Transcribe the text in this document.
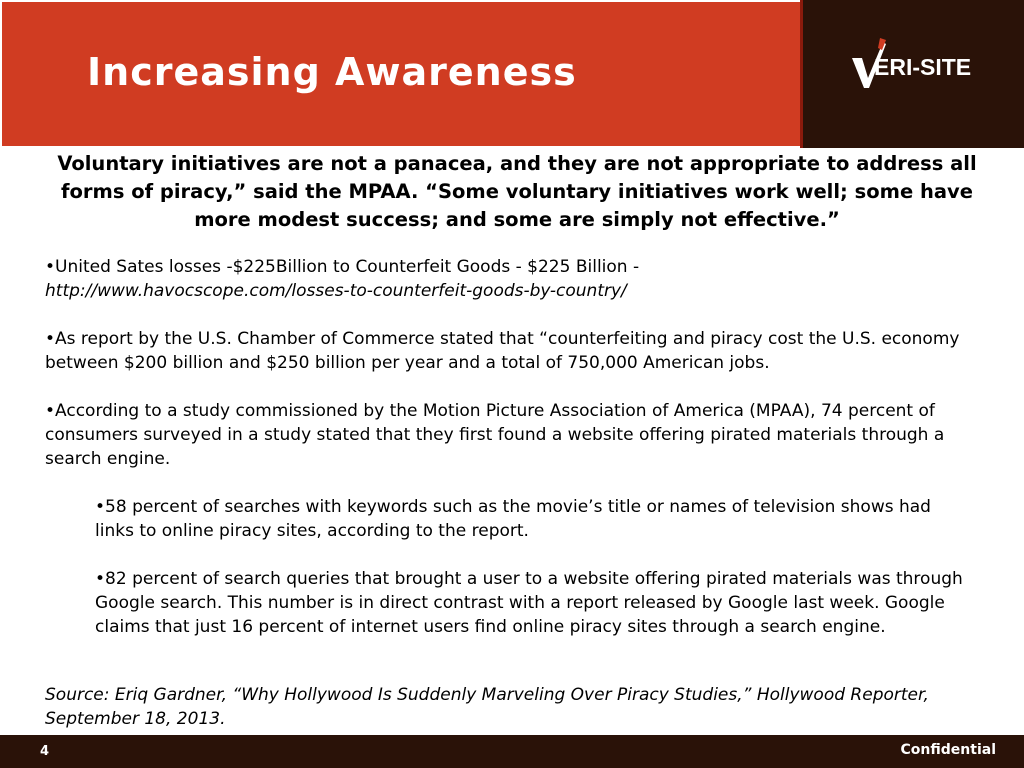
Increasing Awareness	ERI-SITE
Voluntary initiatives are not a panacea, and they are not appropriate to address all forms of piracy,” said the MPAA. “Some voluntary initiatives work well; some have more modest success; and some are simply not effective.”
•United Sates losses -$225Billion to Counterfeit Goods - $225 Billion -
http://www.havocscope.com/losses-to-counterfeit-goods-by-country/
•As report by the U.S. Chamber of Commerce stated that “counterfeiting and piracy cost the U.S. economy between $200 billion and $250 billion per year and a total of 750,000 American jobs.
•According to a study commissioned by the Motion Picture Association of America (MPAA), 74 percent of consumers surveyed in a study stated that they first found a website offering pirated materials through a search engine.
•58 percent of searches with keywords such as the movie’s title or names of television shows had links to online piracy sites, according to the report.
•82 percent of search queries that brought a user to a website offering pirated materials was through Google search. This number is in direct contrast with a report released by Google last week. Google claims that just 16 percent of internet users find online piracy sites through a search engine.
Source: Eriq Gardner, “Why Hollywood Is Suddenly Marveling Over Piracy Studies,” Hollywood Reporter, September 18, 2013.
4	Confidential
